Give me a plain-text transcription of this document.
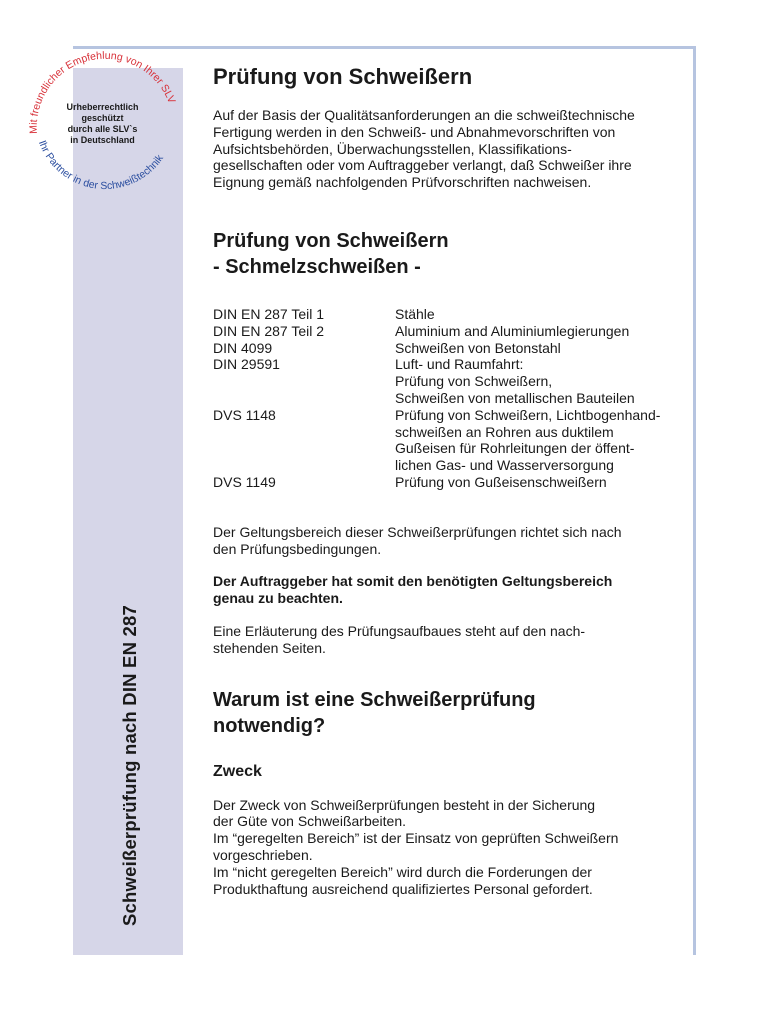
Schweißerprüfung nach DIN EN 287
Mit freundlicher Empfehlung von Ihrer SLV
Ihr Partner in der Schweißtechnik
Urheberrechtlich
geschützt
durch alle SLV`s
in Deutschland
Prüfung von Schweißern
Auf der Basis der Qualitätsanforderungen an die schweißtechnische
Fertigung werden in den Schweiß- und Abnahmevorschriften von
Aufsichtsbehörden, Überwachungsstellen, Klassifikations-
gesellschaften oder vom Auftraggeber verlangt, daß Schweißer ihre
Eignung gemäß nachfolgenden Prüfvorschriften nachweisen.
Prüfung von Schweißern
- Schmelzschweißen -
DIN EN 287 Teil 1	Stähle

DIN EN 287 Teil 2	Aluminium and Aluminiumlegierungen

DIN 4099	Schweißen von Betonstahl

DIN 29591	Luft- und Raumfahrt:
Prüfung von Schweißern,
Schweißen von metallischen Bauteilen

DVS 1148	Prüfung von Schweißern, Lichtbogenhand-
schweißen an Rohren aus duktilem
Gußeisen für Rohrleitungen der öffent-
lichen Gas- und Wasserversorgung

DVS 1149	Prüfung von Gußeisenschweißern
Der Geltungsbereich dieser Schweißerprüfungen richtet sich nach
den Prüfungsbedingungen.
Der Auftraggeber hat somit den benötigten Geltungsbereich
genau zu beachten.
Eine Erläuterung des Prüfungsaufbaues steht auf den nach-
stehenden Seiten.
Warum ist eine Schweißerprüfung
notwendig?
Zweck
Der Zweck von Schweißerprüfungen besteht in der Sicherung
der Güte von Schweißarbeiten.
Im “geregelten Bereich” ist der Einsatz von geprüften Schweißern
vorgeschrieben.
Im “nicht geregelten Bereich” wird durch die Forderungen der
Produkthaftung ausreichend qualifiziertes Personal gefordert.
